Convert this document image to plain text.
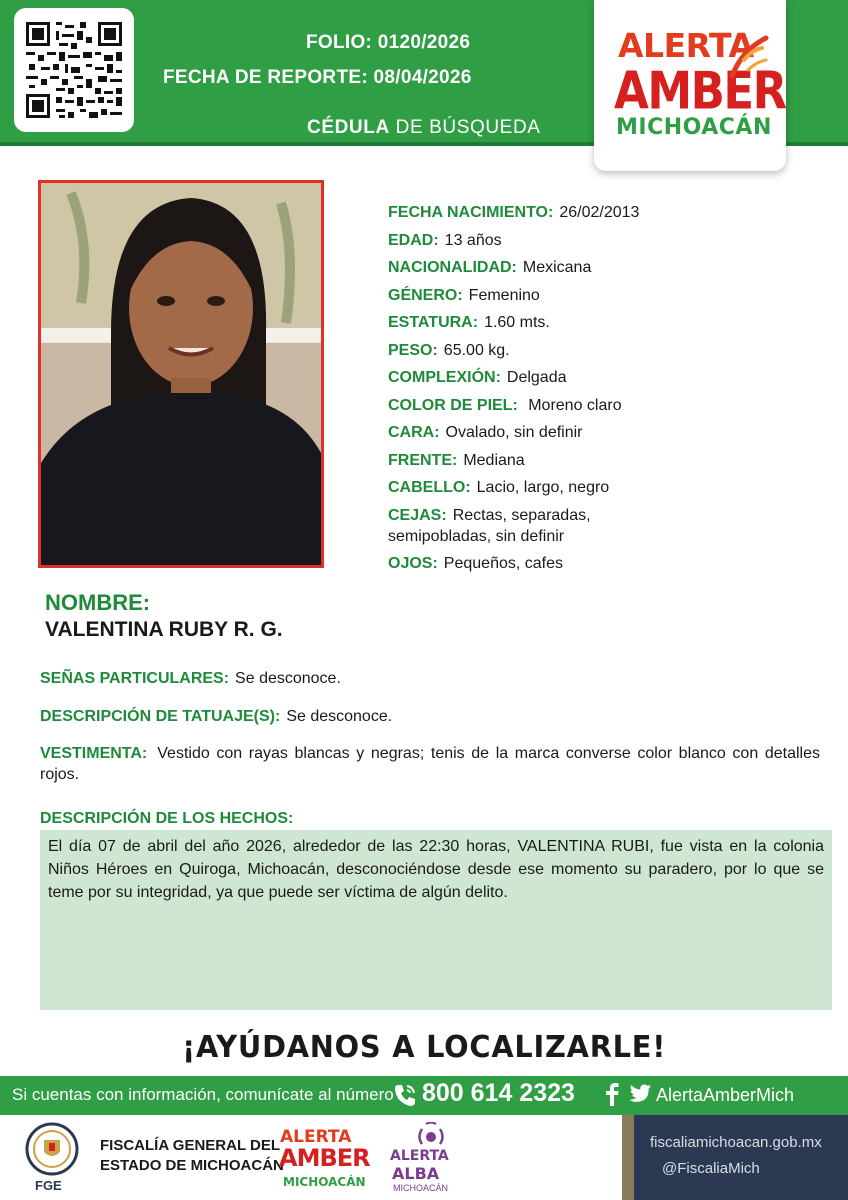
FOLIO: 0120/2026
FECHA DE REPORTE: 08/04/2026
CÉDULA DE BÚSQUEDA
ALERTA
AMBER
MICHOACÁN
FECHA NACIMIENTO: 26/02/2013
EDAD: 13 años
NACIONALIDAD: Mexicana
GÉNERO: Femenino
ESTATURA: 1.60 mts.
PESO: 65.00 kg.
COMPLEXIÓN: Delgada
COLOR DE PIEL: Moreno claro
CARA: Ovalado, sin definir
FRENTE: Mediana
CABELLO: Lacio, largo, negro
CEJAS: Rectas, separadas,
semipobladas, sin definir
OJOS: Pequeños, cafes
NOMBRE:
VALENTINA RUBY R. G.
SEÑAS PARTICULARES: Se desconoce.
DESCRIPCIÓN DE TATUAJE(S): Se desconoce.
VESTIMENTA: Vestido con rayas blancas y negras; tenis de la marca converse color blanco con detalles rojos.
DESCRIPCIÓN DE LOS HECHOS:
El día 07 de abril del año 2026, alrededor de las 22:30 horas, VALENTINA RUBI, fue vista en la colonia Niños Héroes en Quiroga, Michoacán, desconociéndose desde ese momento su paradero, por lo que se teme por su integridad, ya que puede ser víctima de algún delito.
¡AYÚDANOS A LOCALIZARLE!
Si cuentas con información, comunícate al número 800 614 2323	AlertaAmberMich
FGE
FISCALÍA GENERAL DEL
ESTADO DE MICHOACÁN
ALERTA
AMBER
MICHOACÁN
ALERTA
ALBA
MICHOACÁN
fiscaliamichoacan.gob.mx
@FiscaliaMich
